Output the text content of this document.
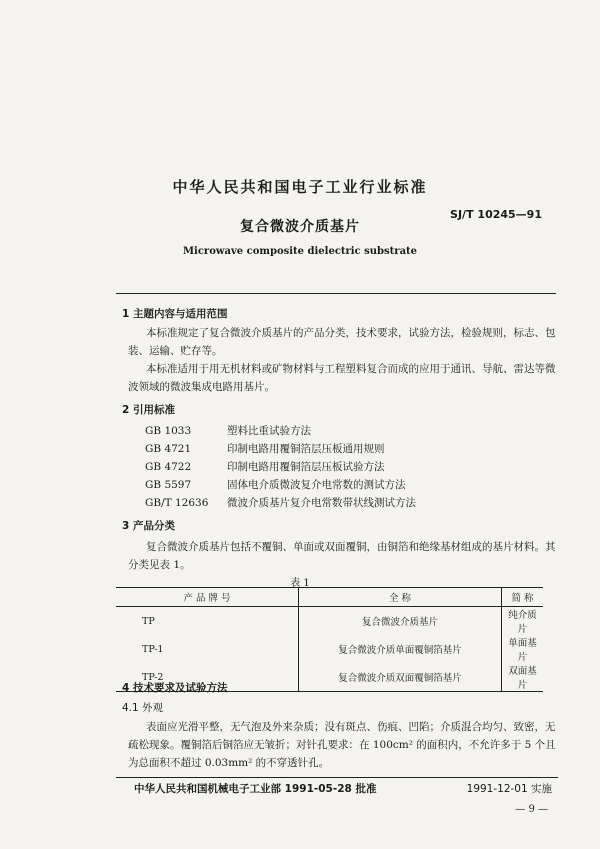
中华人民共和国电子工业行业标准
SJ/T 10245—91
复合微波介质基片
Microwave composite dielectric substrate
1 主题内容与适用范围

本标准规定了复合微波介质基片的产品分类，技术要求，试验方法，检验规则，标志、包装、运输、贮存等。

本标准适用于用无机材料或矿物材料与工程塑料复合而成的应用于通讯、导航、雷达等微波领域的微波集成电路用基片。

2 引用标准
GB 1033	塑料比重试验方法
GB 4721	印制电路用覆铜箔层压板通用规则
GB 4722	印制电路用覆铜箔层压板试验方法
GB 5597	固体电介质微波复介电常数的测试方法
GB/T 12636 微波介质基片复介电常数带状线测试方法
3 产品分类

复合微波介质基片包括不覆铜、单面或双面覆铜，由铜箔和绝缘基材组成的基片材料。其分类见表 1。

表 1
产 品 牌 号	全 称	简 称
TP	复合微波介质基片	纯介质片
TP-1	复合微波介质单面覆铜箔基片	单面基片
TP-2	复合微波介质双面覆铜箔基片	双面基片
4 技术要求及试验方法
4.1 外观

表面应光滑平整，无气泡及外来杂质；没有斑点、伤痕、凹陷；介质混合均匀、致密，无疏松现象。覆铜箔后铜箔应无皱折；对针孔要求：在 100cm² 的面积内，不允许多于 5 个且为总面积不超过 0.03mm² 的不穿透针孔。

中华人民共和国机械电子工业部 1991-05-28 批准	1991-12-01 实施
— 9 —
